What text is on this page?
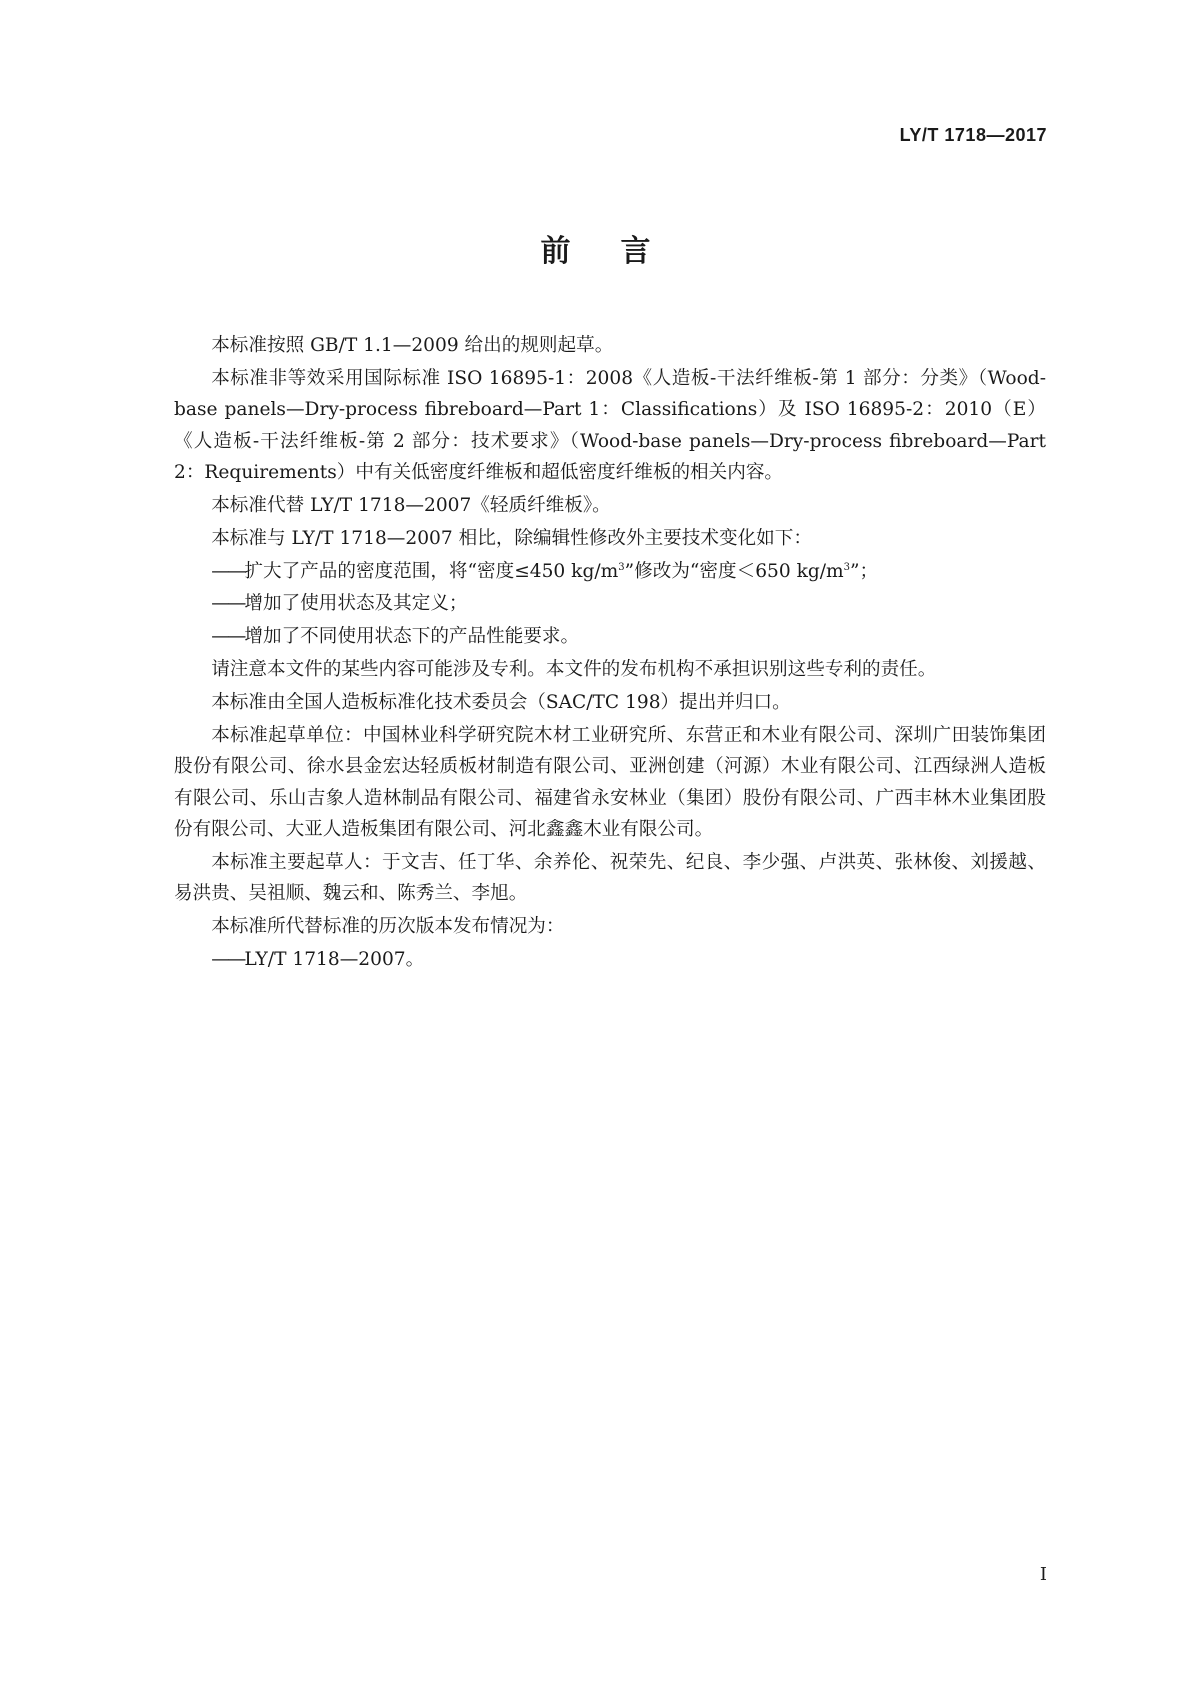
LY/T 1718—2017
前言

本标准按照 GB/T 1.1—2009 给出的规则起草。

本标准非等效采用国际标准 ISO 16895-1：2008《人造板-干法纤维板-第 1 部分：分类》（Wood-base panels—Dry-process fibreboard—Part 1：Classifications）及 ISO 16895-2：2010（E）《人造板-干法纤维板-第 2 部分：技术要求》（Wood-base panels—Dry-process fibreboard—Part 2：Requirements）中有关低密度纤维板和超低密度纤维板的相关内容。

本标准代替 LY/T 1718—2007《轻质纤维板》。

本标准与 LY/T 1718—2007 相比，除编辑性修改外主要技术变化如下：

——扩大了产品的密度范围，将“密度≤450 $kg/m^3$”修改为“密度＜650 $kg/m^3$”；

——增加了使用状态及其定义；

——增加了不同使用状态下的产品性能要求。

请注意本文件的某些内容可能涉及专利。本文件的发布机构不承担识别这些专利的责任。

本标准由全国人造板标准化技术委员会（SAC/TC 198）提出并归口。

本标准起草单位：中国林业科学研究院木材工业研究所、东营正和木业有限公司、深圳广田装饰集团股份有限公司、徐水县金宏达轻质板材制造有限公司、亚洲创建（河源）木业有限公司、江西绿洲人造板有限公司、乐山吉象人造林制品有限公司、福建省永安林业（集团）股份有限公司、广西丰林木业集团股份有限公司、大亚人造板集团有限公司、河北鑫鑫木业有限公司。

本标准主要起草人：于文吉、任丁华、余养伦、祝荣先、纪良、李少强、卢洪英、张林俊、刘援越、易洪贵、吴祖顺、魏云和、陈秀兰、李旭。

本标准所代替标准的历次版本发布情况为：

——LY/T 1718—2007。

I
